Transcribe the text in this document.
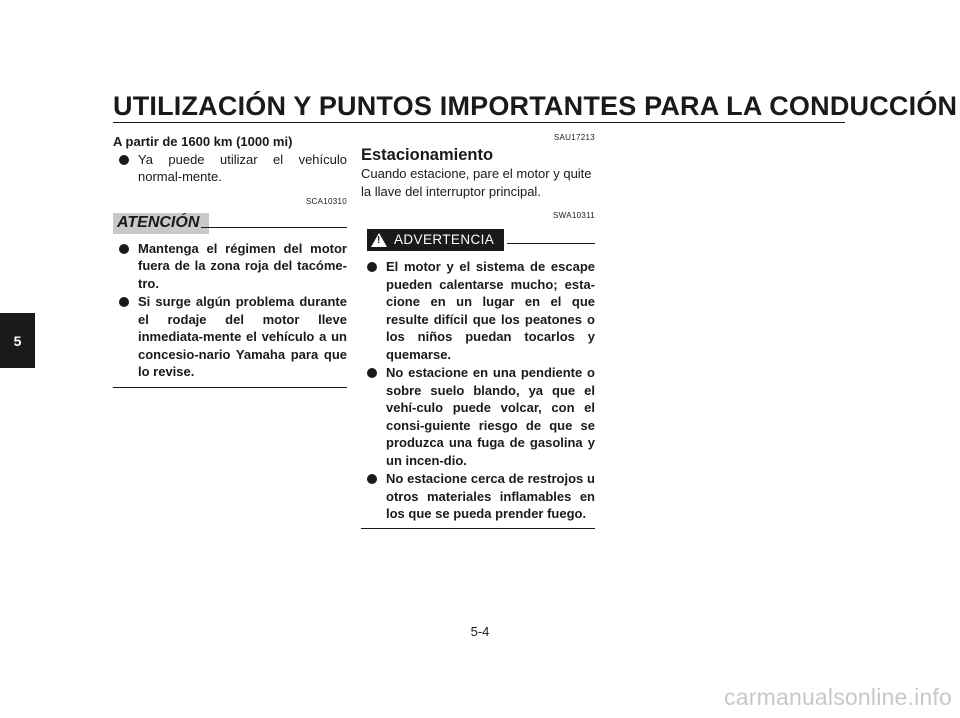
UTILIZACIÓN Y PUNTOS IMPORTANTES PARA LA CONDUCCIÓN
5

A partir de 1600 km (1000 mi)

Ya puede utilizar el vehículo normal-mente.

SCA10310

ATENCIÓN
Mantenga el régimen del motor fuera de la zona roja del tacóme-tro.
Si surge algún problema durante el rodaje del motor lleve inmediata-mente el vehículo a un concesio-nario Yamaha para que lo revise.

SAU17213

Estacionamiento

Cuando estacione, pare el motor y quite la llave del interruptor principal.

SWA10311

!
ADVERTENCIA
El motor y el sistema de escape pueden calentarse mucho; esta-cione en un lugar en el que resulte difícil que los peatones o los niños puedan tocarlos y quemarse.
No estacione en una pendiente o sobre suelo blando, ya que el vehí-culo puede volcar, con el consi-guiente riesgo de que se produzca una fuga de gasolina y un incen-dio.
No estacione cerca de restrojos u otros materiales inflamables en los que se pueda prender fuego.
5-4
carmanualsonline.info
